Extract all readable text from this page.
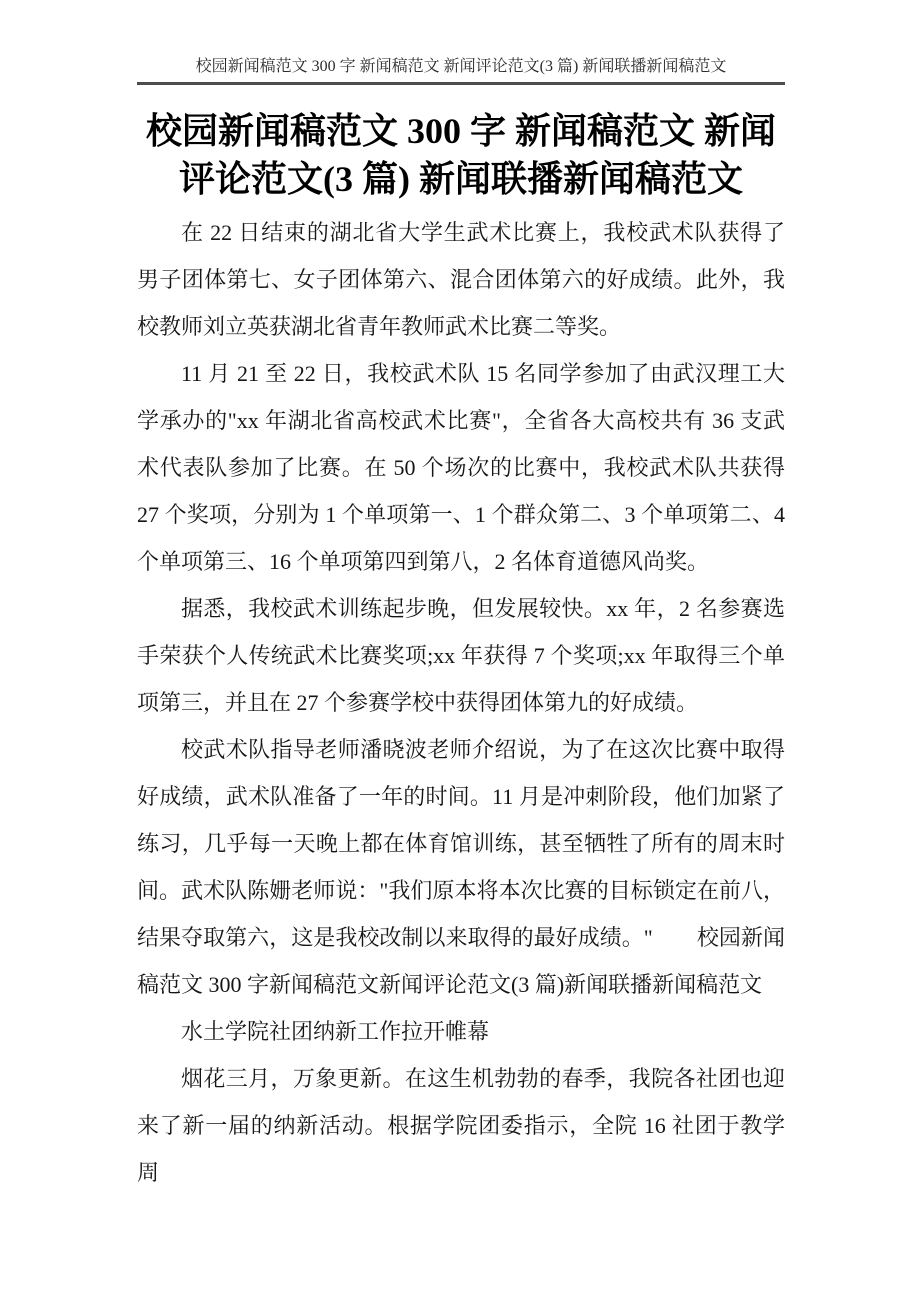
校园新闻稿范文 300 字 新闻稿范文 新闻评论范文(3 篇) 新闻联播新闻稿范文
校园新闻稿范文 300 字 新闻稿范文 新闻
评论范文(3 篇) 新闻联播新闻稿范文

在 22 日结束的湖北省大学生武术比赛上，我校武术队获得了男子团体第七、女子团体第六、混合团体第六的好成绩。此外，我校教师刘立英获湖北省青年教师武术比赛二等奖。

11 月 21 至 22 日，我校武术队 15 名同学参加了由武汉理工大学承办的"xx 年湖北省高校武术比赛"，全省各大高校共有 36 支武术代表队参加了比赛。在 50 个场次的比赛中，我校武术队共获得 27 个奖项，分别为 1 个单项第一、1 个群众第二、3 个单项第二、4 个单项第三、16 个单项第四到第八，2 名体育道德风尚奖。

据悉，我校武术训练起步晚，但发展较快。xx 年，2 名参赛选手荣获个人传统武术比赛奖项;xx 年获得 7 个奖项;xx 年取得三个单项第三，并且在 27 个参赛学校中获得团体第九的好成绩。

校武术队指导老师潘晓波老师介绍说，为了在这次比赛中取得好成绩，武术队准备了一年的时间。11 月是冲刺阶段，他们加紧了练习，几乎每一天晚上都在体育馆训练，甚至牺牲了所有的周末时间。武术队陈姗老师说："我们原本将本次比赛的目标锁定在前八，结果夺取第六，这是我校改制以来取得的最好成绩。"　　校园新闻稿范文 300 字新闻稿范文新闻评论范文(3 篇)新闻联播新闻稿范文

水土学院社团纳新工作拉开帷幕

烟花三月，万象更新。在这生机勃勃的春季，我院各社团也迎来了新一届的纳新活动。根据学院团委指示，全院 16 社团于教学周
